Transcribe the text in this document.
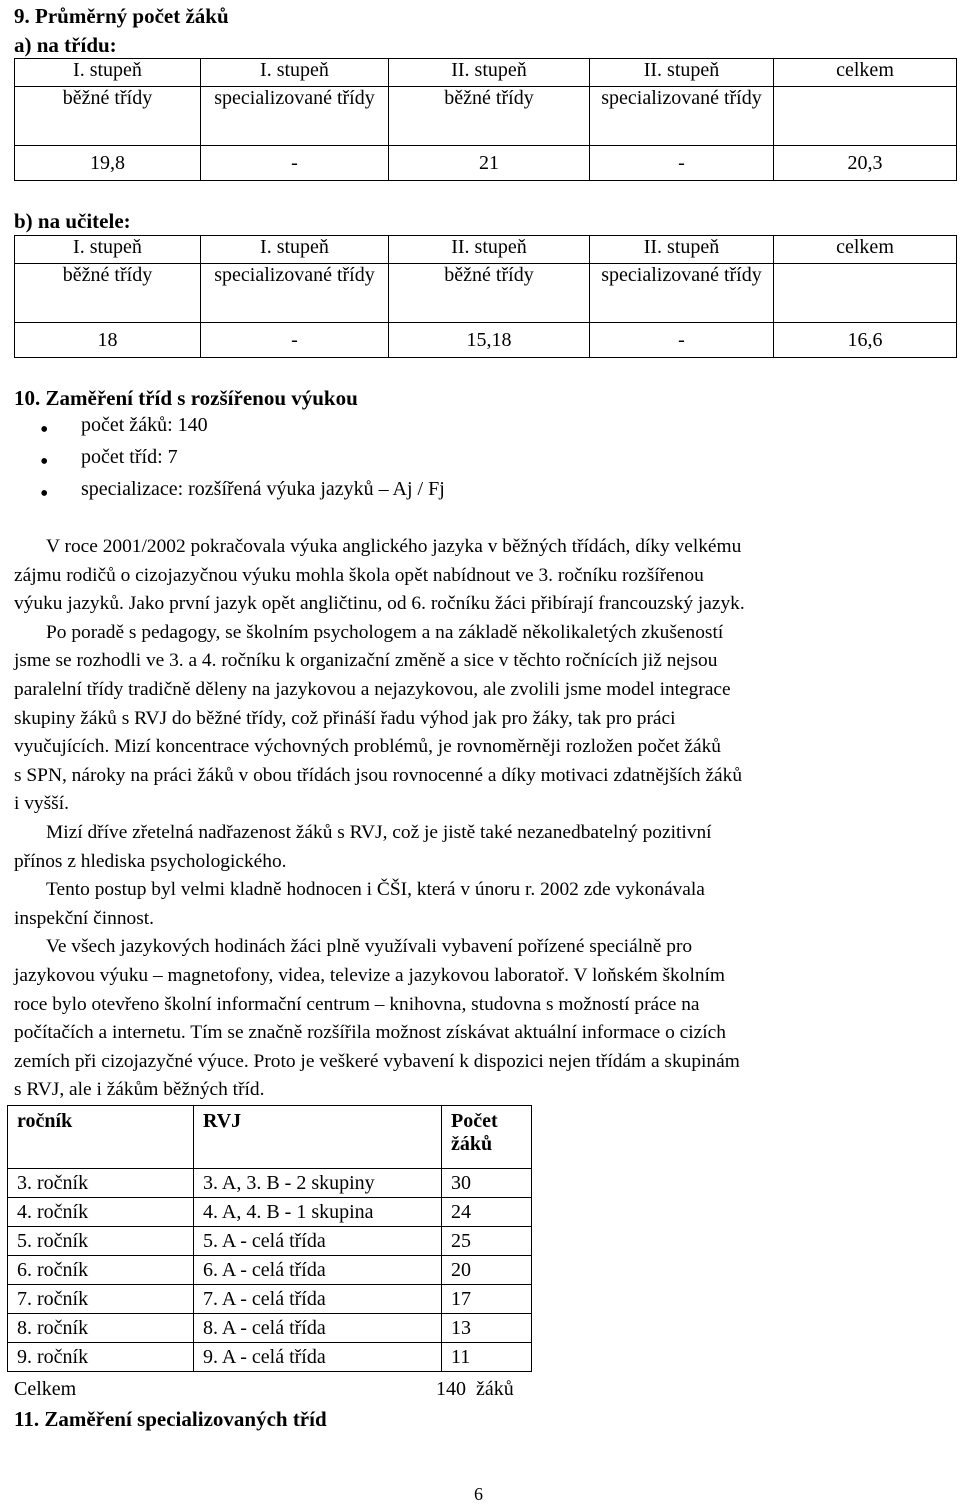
9. Průměrný počet žáků
a) na třídu:
I. stupeň	I. stupeň	II. stupeň	II. stupeň	celkem
běžné třídy	specializované třídy	běžné třídy	specializované třídy	
19,8	-	21	-	20,3
b) na učitele:
I. stupeň	I. stupeň	II. stupeň	II. stupeň	celkem
běžné třídy	specializované třídy	běžné třídy	specializované třídy	
18	-	15,18	-	16,6
10. Zaměření tříd s rozšířenou výukou
• počet žáků: 140
• počet tříd: 7
• specializace: rozšířená výuka jazyků – Aj / Fj

V roce 2001/2002 pokračovala výuka anglického jazyka v běžných třídách, díky velkému
zájmu rodičů o cizojazyčnou výuku mohla škola opět nabídnout ve 3. ročníku rozšířenou
výuku jazyků. Jako první jazyk opět angličtinu, od 6. ročníku žáci přibírají francouzský jazyk.

Po poradě s pedagogy, se školním psychologem a na základě několikaletých zkušeností
jsme se rozhodli ve 3. a 4. ročníku k organizační změně a sice v těchto ročnících již nejsou
paralelní třídy tradičně děleny na jazykovou a nejazykovou, ale zvolili jsme model integrace
skupiny žáků s RVJ do běžné třídy, což přináší řadu výhod jak pro žáky, tak pro práci
vyučujících. Mizí koncentrace výchovných problémů, je rovnoměrněji rozložen počet žáků
s SPN, nároky na práci žáků v obou třídách jsou rovnocenné a díky motivaci zdatnějších žáků
i vyšší.

Mizí dříve zřetelná nadřazenost žáků s RVJ, což je jistě také nezanedbatelný pozitivní
přínos z hlediska psychologického.

Tento postup byl velmi kladně hodnocen i ČŠI, která v únoru r. 2002 zde vykonávala
inspekční činnost.

Ve všech jazykových hodinách žáci plně využívali vybavení pořízené speciálně pro
jazykovou výuku – magnetofony, videa, televize a jazykovou laboratoř. V loňském školním
roce bylo otevřeno školní informační centrum – knihovna, studovna s možností práce na
počítačích a internetu. Tím se značně rozšířila možnost získávat aktuální informace o cizích
zemích při cizojazyčné výuce. Proto je veškeré vybavení k dispozici nejen třídám a skupinám
s RVJ, ale i žákům běžných tříd.

ročník	RVJ	Počet žáků
3. ročník	3. A, 3. B - 2 skupiny	30
4. ročník	4. A, 4. B - 1 skupina	24
5. ročník	5. A - celá třída	25
6. ročník	6. A - celá třída	20
7. ročník	7. A - celá třída	17
8. ročník	8. A - celá třída	13
9. ročník	9. A - celá třída	11
Celkem	140  žáků
11. Zaměření specializovaných tříd
6
